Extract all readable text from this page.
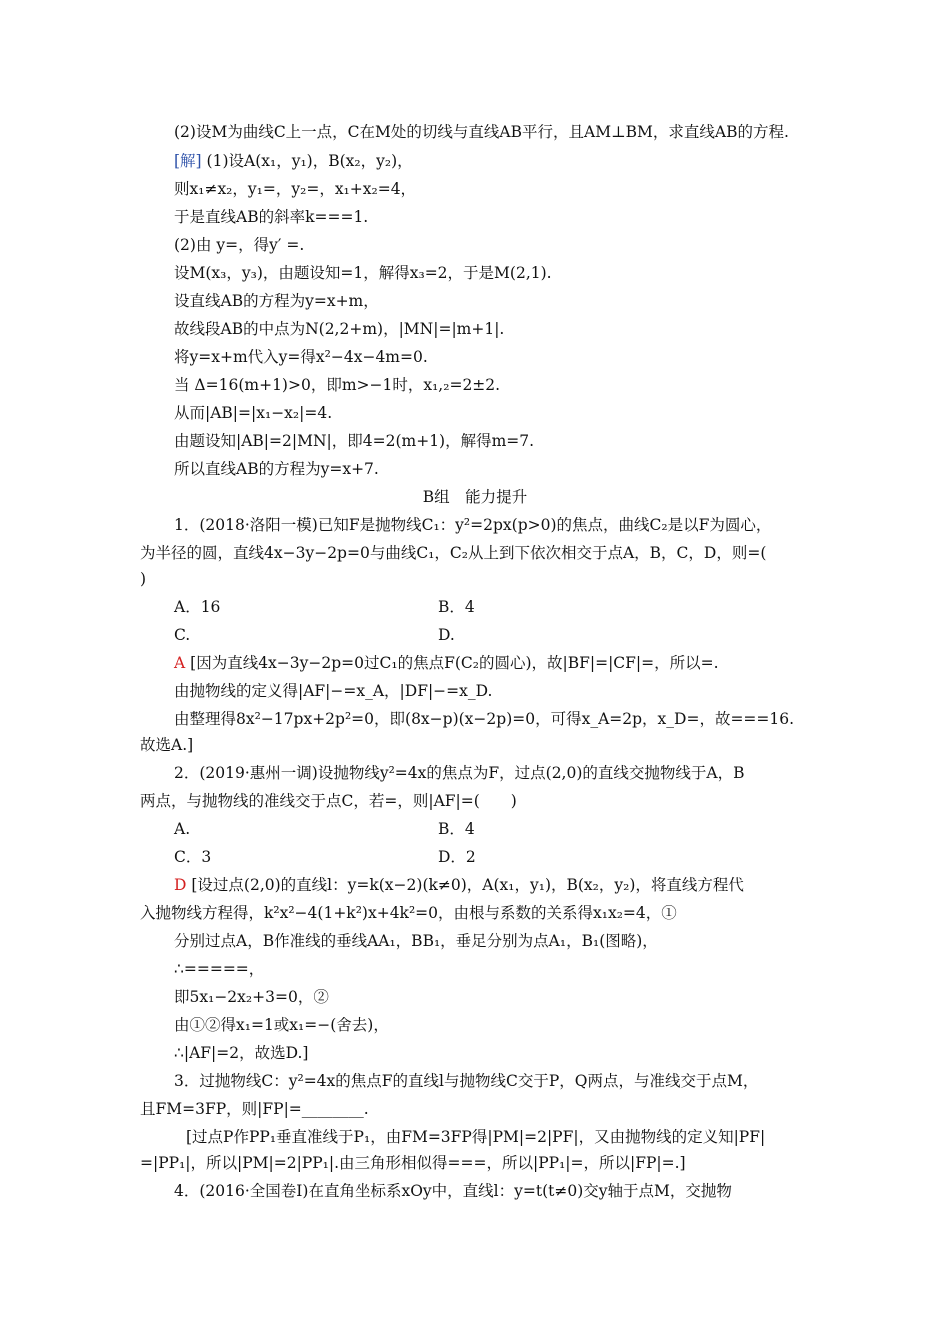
(2)设M为曲线C上一点，C在M处的切线与直线AB平行，且AM⊥BM，求直线AB的方程.
[解] (1)设A(x₁，y₁)，B(x₂，y₂)，
则x₁≠x₂，y₁=，y₂=，x₁+x₂=4，
于是直线AB的斜率k===1.
(2)由 y=，得y′ =.
设M(x₃，y₃)，由题设知=1，解得x₃=2，于是M(2,1).
设直线AB的方程为y=x+m，
故线段AB的中点为N(2,2+m)，|MN|=|m+1|.
将y=x+m代入y=得x²−4x−4m=0.
当 Δ=16(m+1)>0，即m>−1时，x₁,₂=2±2.
从而|AB|=|x₁−x₂|=4.
由题设知|AB|=2|MN|，即4=2(m+1)，解得m=7.
所以直线AB的方程为y=x+7.
B组　能力提升
1．(2018·洛阳一模)已知F是抛物线C₁：y²=2px(p>0)的焦点，曲线C₂是以F为圆心，
为半径的圆，直线4x−3y−2p=0与曲线C₁，C₂从上到下依次相交于点A，B，C，D，则=(
)
A．16	B．4
C.	D.
A [因为直线4x−3y−2p=0过C₁的焦点F(C₂的圆心)，故|BF|=|CF|=，所以=.
由抛物线的定义得|AF|−=x_A，|DF|−=x_D.
由整理得8x²−17px+2p²=0，即(8x−p)(x−2p)=0，可得x_A=2p，x_D=，故===16.
故选A.]
2．(2019·惠州一调)设抛物线y²=4x的焦点为F，过点(2,0)的直线交抛物线于A，B
两点，与抛物线的准线交于点C，若=，则|AF|=(　　)
A.	B．4
C．3	D．2
D [设过点(2,0)的直线l：y=k(x−2)(k≠0)，A(x₁，y₁)，B(x₂，y₂)，将直线方程代
入抛物线方程得，k²x²−4(1+k²)x+4k²=0，由根与系数的关系得x₁x₂=4，①
分别过点A，B作准线的垂线AA₁，BB₁，垂足分别为点A₁，B₁(图略)，
∴=====，
即5x₁−2x₂+3=0，②
由①②得x₁=1或x₁=−(舍去)，
∴|AF|=2，故选D.]
3．过抛物线C：y²=4x的焦点F的直线l与抛物线C交于P，Q两点，与准线交于点M，
且FM=3FP，则|FP|=________.
[过点P作PP₁垂直准线于P₁，由FM=3FP得|PM|=2|PF|，又由抛物线的定义知|PF|
=|PP₁|，所以|PM|=2|PP₁|.由三角形相似得===，所以|PP₁|=，所以|FP|=.]
4．(2016·全国卷Ⅰ)在直角坐标系xOy中，直线l：y=t(t≠0)交y轴于点M，交抛物
